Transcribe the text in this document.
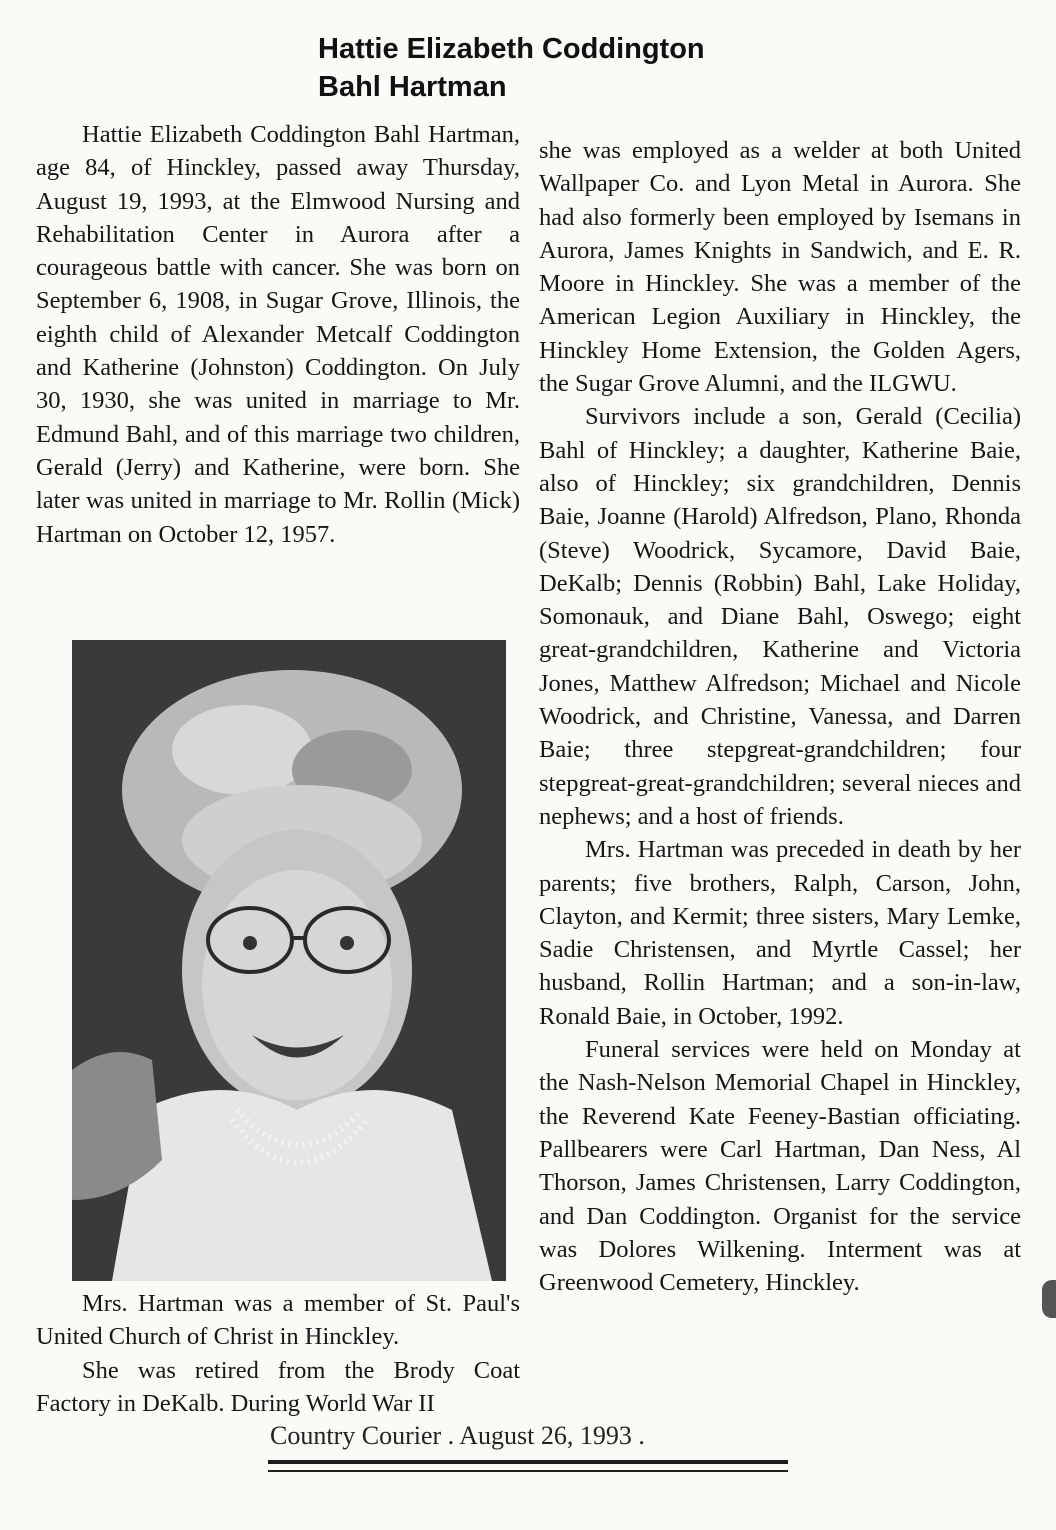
Hattie Elizabeth Coddington
Bahl Hartman

Hattie Elizabeth Coddington Bahl Hartman, age 84, of Hinckley, passed away Thursday, August 19, 1993, at the Elmwood Nursing and Rehabilitation Center in Aurora after a courageous battle with cancer. She was born on September 6, 1908, in Sugar Grove, Illinois, the eighth child of Alexander Metcalf Coddington and Katherine (Johnston) Coddington. On July 30, 1930, she was united in marriage to Mr. Edmund Bahl, and of this marriage two children, Gerald (Jerry) and Katherine, were born. She later was united in marriage to Mr. Rollin (Mick) Hartman on October 12, 1957.

Mrs. Hartman was a member of St. Paul's United Church of Christ in Hinckley.

She was retired from the Brody Coat Factory in DeKalb. During World War II

she was employed as a welder at both United Wallpaper Co. and Lyon Metal in Aurora. She had also formerly been employed by Isemans in Aurora, James Knights in Sandwich, and E. R. Moore in Hinckley. She was a member of the American Legion Auxiliary in Hinckley, the Hinckley Home Extension, the Golden Agers, the Sugar Grove Alumni, and the ILGWU.

Survivors include a son, Gerald (Cecilia) Bahl of Hinckley; a daughter, Katherine Baie, also of Hinckley; six grandchildren, Dennis Baie, Joanne (Harold) Alfredson, Plano, Rhonda (Steve) Woodrick, Sycamore, David Baie, DeKalb; Dennis (Robbin) Bahl, Lake Holiday, Somonauk, and Diane Bahl, Oswego; eight great-grandchildren, Katherine and Victoria Jones, Matthew Alfredson; Michael and Nicole Woodrick, and Christine, Vanessa, and Darren Baie; three stepgreat-grandchildren; four stepgreat-great-grandchildren; several nieces and nephews; and a host of friends.

Mrs. Hartman was preceded in death by her parents; five brothers, Ralph, Carson, John, Clayton, and Kermit; three sisters, Mary Lemke, Sadie Christensen, and Myrtle Cassel; her husband, Rollin Hartman; and a son-in-law, Ronald Baie, in October, 1992.

Funeral services were held on Monday at the Nash-Nelson Memorial Chapel in Hinckley, the Reverend Kate Feeney-Bastian officiating. Pallbearers were Carl Hartman, Dan Ness, Al Thorson, James Christensen, Larry Coddington, and Dan Coddington. Organist for the service was Dolores Wilkening. Interment was at Greenwood Cemetery, Hinckley.

Country Courier . August 26, 1993 .
